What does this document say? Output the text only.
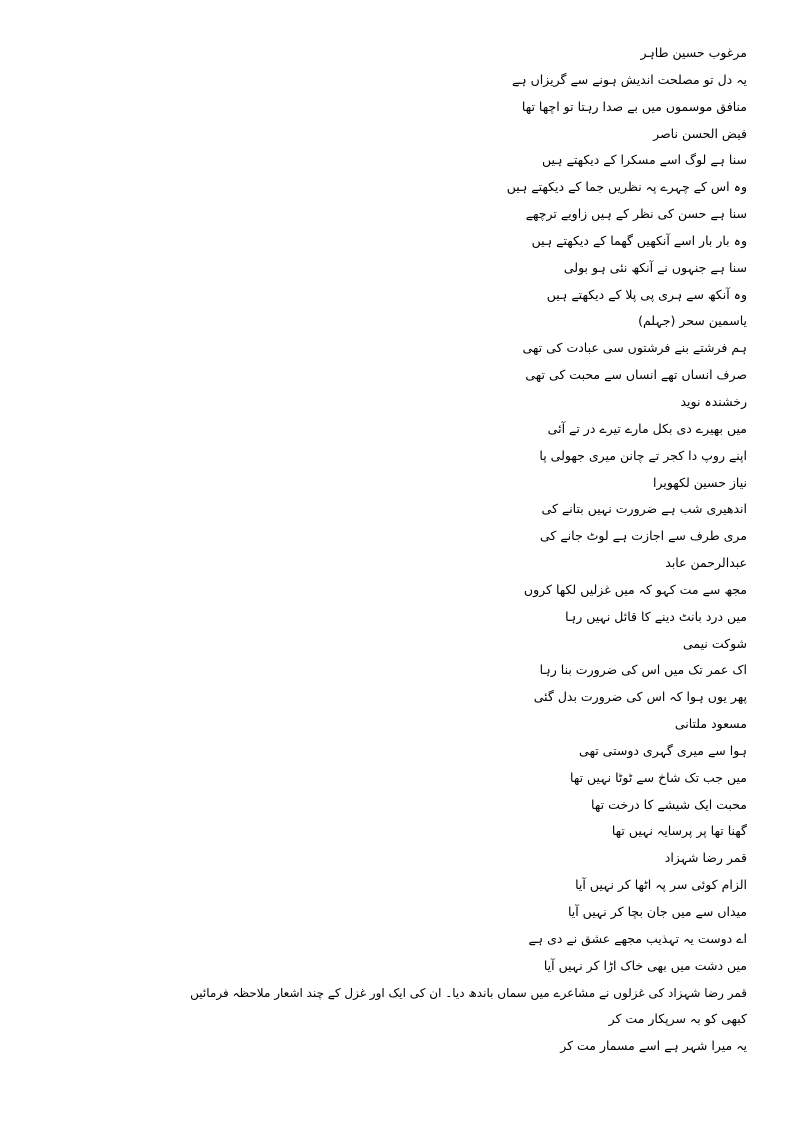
مرغوب حسین طاہر
یہ دل تو مصلحت اندیش ہونے سے گریزاں ہے
منافق موسموں میں بے صدا رہتا تو اچھا تھا
فیض الحسن ناصر
سنا ہے لوگ اسے مسکرا کے دیکھتے ہیں
وہ اس کے چہرے پہ نظریں جما کے دیکھتے ہیں
سنا ہے حسن کی نظر کے ہیں زاویے ترچھے
وہ بار بار اسے آنکھیں گھما کے دیکھتے ہیں
سنا ہے جنہوں نے آنکھ نئی ہو بولی
وہ آنکھ سے ہری پی پلا کے دیکھتے ہیں
یاسمین سحر (جہلم)
ہم فرشتے بنے فرشتوں سی عبادت کی تھی
صرف انساں تھے انساں سے محبت کی تھی
رخشندہ نوید
میں بھیرے دی بکل مارے تیرے در تے آئی
اپنے روپ دا کجر تے چانن میری جھولی پا
نیاز حسین لکھویرا
اندھیری شب ہے ضرورت نہیں بتانے کی
مری طرف سے اجازت ہے لوٹ جانے کی
عبدالرحمن عابد
مجھ سے مت کہو کہ میں غزلیں لکھا کروں
میں درد بانٹ دینے کا قائل نہیں رہا
شوکت نیمی
اک عمر تک میں اس کی ضرورت بنا رہا
پھر یوں ہوا کہ اس کی ضرورت بدل گئی
مسعود ملتانی
ہوا سے میری گہری دوستی تھی
میں جب تک شاخ سے ٹوٹا نہیں تھا
محبت ایک شیشے کا درخت تھا
گھنا تھا پر پرسایہ نہیں تھا
قمر رضا شہزاد
الزام کوئی سر پہ اٹھا کر نہیں آیا
میداں سے میں جان بچا کر نہیں آیا
اے دوست یہ تہذیب مجھے عشق نے دی ہے
میں دشت میں بھی خاک اڑا کر نہیں آیا
قمر رضا شہزاد کی غزلوں نے مشاعرے میں سماں باندھ دیا۔ ان کی ایک اور غزل کے چند اشعار ملاحظہ فرمائیں
کبھی کو بہ سرپکار مت کر
یہ میرا شہر ہے اسے مسمار مت کر
